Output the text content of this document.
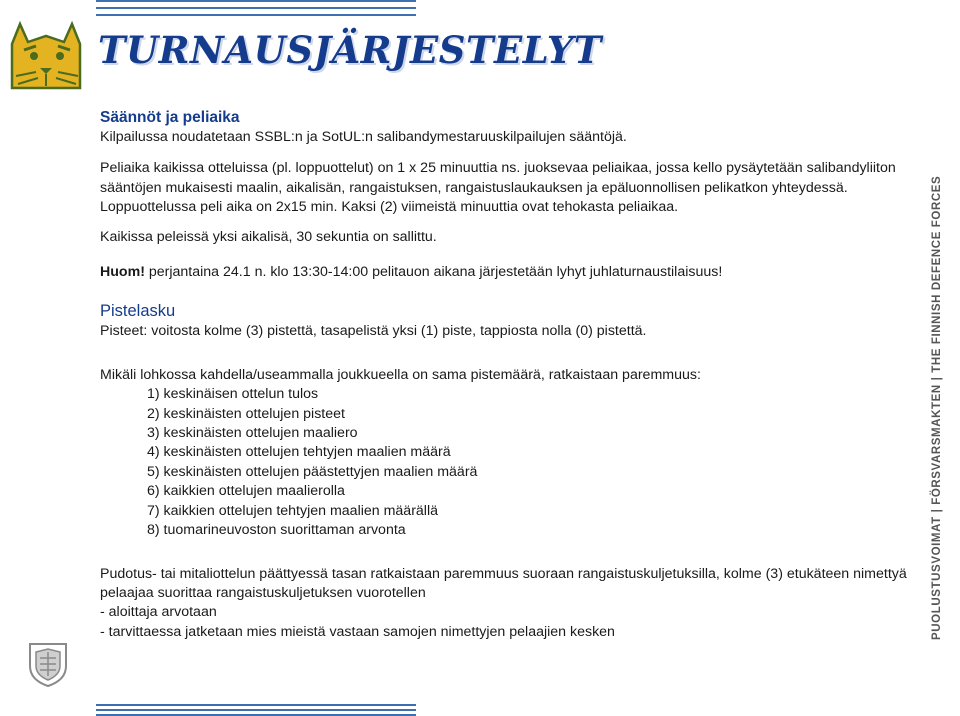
TURNAUSJÄRJESTELYT

Säännöt ja peliaika

Kilpailussa noudatetaan SSBL:n ja SotUL:n salibandymestaruuskilpailujen sääntöjä.

Peliaika kaikissa otteluissa (pl. loppuottelut) on 1 x 25 minuuttia ns. juoksevaa peliaikaa, jossa kello pysäytetään salibandyliiton sääntöjen mukaisesti maalin, aikalisän, rangaistuksen, rangaistuslaukauksen ja epäluonnollisen pelikatkon yhteydessä. Loppuottelussa peli aika on 2x15 min. Kaksi (2) viimeistä minuuttia ovat tehokasta peliaikaa.

Kaikissa peleissä yksi aikalisä, 30 sekuntia on sallittu.

Huom! perjantaina 24.1 n. klo 13:30-14:00 pelitauon aikana järjestetään lyhyt juhlaturnaustilaisuus!

Pistelasku

Pisteet: voitosta kolme (3) pistettä, tasapelistä yksi (1) piste, tappiosta nolla (0) pistettä.

Mikäli lohkossa kahdella/useammalla joukkueella on sama pistemäärä, ratkaistaan paremmuus:

1) keskinäisen ottelun tulos
2) keskinäisten ottelujen pisteet
3) keskinäisten ottelujen maaliero
4) keskinäisten ottelujen tehtyjen maalien määrä
5) keskinäisten ottelujen päästettyjen maalien määrä
6) kaikkien ottelujen maalierolla
7) kaikkien ottelujen tehtyjen maalien määrällä
8) tuomarineuvoston suorittaman arvonta

Pudotus- tai mitaliottelun päättyessä tasan ratkaistaan paremmuus suoraan rangaistuskuljetuksilla, kolme (3) etukäteen nimettyä pelaajaa suorittaa rangaistuskuljetuksen vuorotellen

- aloittaja arvotaan

- tarvittaessa jatketaan mies mieistä vastaan samojen nimettyjen pelaajien kesken	PUOLUSTUSVOIMAT | FÖRSVARSMAKTEN | THE FINNISH DEFENCE FORCES
